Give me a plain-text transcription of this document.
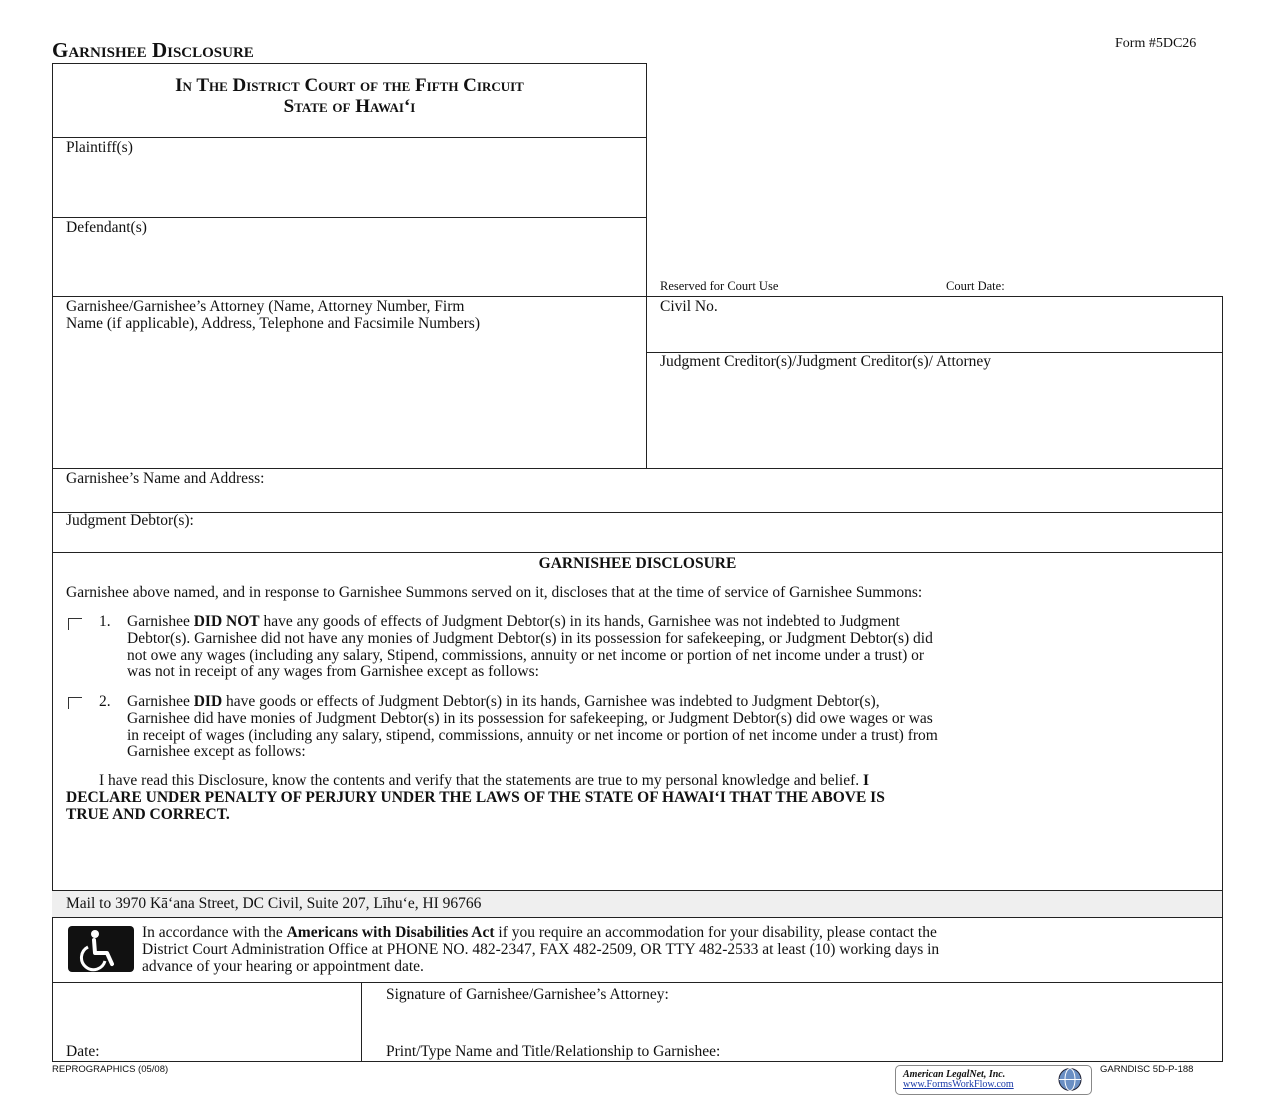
Garnishee Disclosure	Form #5DC26
In The District Court of the Fifth Circuit
State of Hawai‘i
Plaintiff(s)
Defendant(s)
Reserved for Court Use	Court Date:
Garnishee/Garnishee’s Attorney (Name, Attorney Number, Firm
Name (if applicable), Address, Telephone and Facsimile Numbers)
Civil No.
Judgment Creditor(s)/Judgment Creditor(s)/ Attorney
Garnishee’s Name and Address:
Judgment Debtor(s):
GARNISHEE DISCLOSURE
Garnishee above named, and in response to Garnishee Summons served on it, discloses that at the time of service of Garnishee Summons:
1. Garnishee DID NOT have any goods of effects of Judgment Debtor(s) in its hands, Garnishee was not indebted to Judgment
Debtor(s). Garnishee did not have any monies of Judgment Debtor(s) in its possession for safekeeping, or Judgment Debtor(s) did
not owe any wages (including any salary, Stipend, commissions, annuity or net income or portion of net income under a trust) or
was not in receipt of any wages from Garnishee except as follows:
2. Garnishee DID have goods or effects of Judgment Debtor(s) in its hands, Garnishee was indebted to Judgment Debtor(s),
Garnishee did have monies of Judgment Debtor(s) in its possession for safekeeping, or Judgment Debtor(s) did owe wages or was
in receipt of wages (including any salary, stipend, commissions, annuity or net income or portion of net income under a trust) from
Garnishee except as follows:
I have read this Disclosure, know the contents and verify that the statements are true to my personal knowledge and belief. I
DECLARE UNDER PENALTY OF PERJURY UNDER THE LAWS OF THE STATE OF HAWAI‘I THAT THE ABOVE IS
TRUE AND CORRECT.
Mail to 3970 Kā‘ana Street, DC Civil, Suite 207, Līhu‘e, HI 96766
In accordance with the Americans with Disabilities Act if you require an accommodation for your disability, please contact the
District Court Administration Office at PHONE NO. 482-2347, FAX 482-2509, OR TTY 482-2533 at least (10) working days in
advance of your hearing or appointment date.
Signature of Garnishee/Garnishee’s Attorney:
Date:	Print/Type Name and Title/Relationship to Garnishee:
REPROGRAPHICS (05/08)	American LegalNet, Inc.
www.FormsWorkFlow.com
GARNDISC 5D-P-188
